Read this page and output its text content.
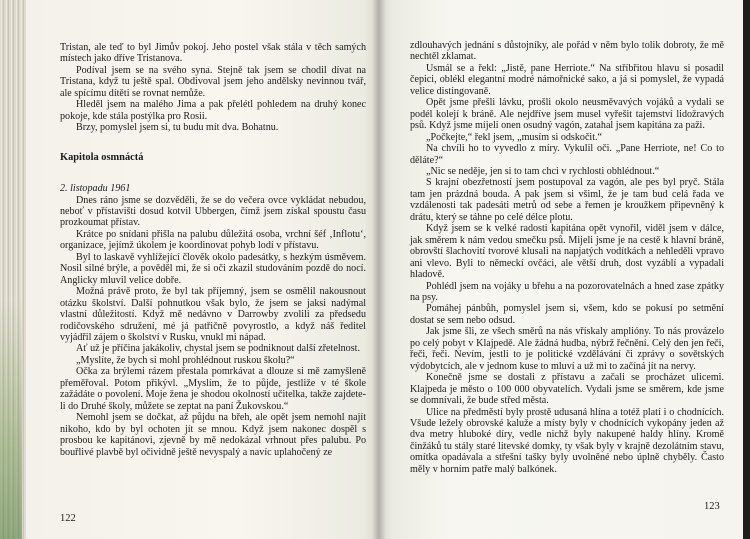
Tristan, ale teď to byl Jimův pokoj. Jeho postel však stála v těch samých místech jako dříve Tristanova.

Podíval jsem se na svého syna. Stejně tak jsem se chodil dívat na Tristana, když tu ještě spal. Obdivoval jsem jeho andělsky nevinnou tvář, ale spícímu dítěti se rovnat nemůže.

Hleděl jsem na malého Jima a pak přelétl pohledem na druhý konec pokoje, kde stála postýlka pro Rosii.

Brzy, pomyslel jsem si, tu budu mít dva. Bohatnu.

Kapitola osmnáctá

2. listopadu 1961

Dnes ráno jsme se dozvěděli, že se do večera ovce vykládat nebudou, neboť v přístavišti dosud kotvil Ubbergen, čímž jsem získal spoustu času prozkoumat přístav.

Krátce po snídani přišla na palubu důležitá osoba, vrchní šéf ‚Inflotu‘, organizace, jejímž úkolem je koordinovat pohyb lodí v přístavu.

Byl to laskavě vyhlížející člověk okolo padesátky, s hezkým úsměvem. Nosil silné brýle, a pověděl mi, že si oči zkazil studováním pozdě do nocí. Anglicky mluvil velice dobře.

Možná právě proto, že byl tak příjemný, jsem se osmělil nakousnout otázku školství. Další pohnutkou však bylo, že jsem se jaksi nadýmal vlastní důležitostí. Když mě nedávno v Darrowby zvolili za předsedu rodičovského sdružení, mé já patřičně povyrostlo, a když náš ředitel vyjádřil zájem o školství v Rusku, vnukl mi nápad.

Ať už je příčina jakákoliv, chystal jsem se podniknout další zřetelnost.

„Myslíte, že bych si mohl prohlédnout ruskou školu?“

Očka za brýlemi rázem přestala pomrkávat a dlouze si mě zamyšleně přeměřoval. Potom přikývl. „Myslím, že to půjde, jestliže v té škole zažádáte o povolení. Moje žena je shodou okolností učitelka, takže zajdete-li do Druhé školy, můžete se zeptat na paní Žukovskou.“

Nemohl jsem se dočkat, až půjdu na břeh, ale opět jsem nemohl najít nikoho, kdo by byl ochoten jít se mnou. Když jsem nakonec dospěl s prosbou ke kapitánovi, zjevně by mě nedokázal vrhnout přes palubu. Po bouřlivé plavbě byl očividně ještě nevyspalý a navíc uplahočený ze

122

zdlouhavých jednání s důstojníky, ale pořád v něm bylo tolik dobroty, že mě nechtěl zklamat.

Usmál se a řekl: „Jistě, pane Herriote.“ Na stříbřitou hlavu si posadil čepici, oblékl elegantní modré námořnické sako, a já si pomyslel, že vypadá velice distingovaně.

Opět jsme přešli lávku, prošli okolo neusměvavých vojáků a vydali se podél kolejí k bráně. Ale nejdříve jsem musel vyřešit tajemství lidožravých psů. Když jsme míjeli onen osudný vagón, zatahal jsem kapitána za paži.

„Počkejte,“ řekl jsem, „musím si odskočit.“

Na chvíli ho to vyvedlo z míry. Vykulil oči. „Pane Herriote, ne! Co to děláte?“

„Nic se neděje, jen si to tam chci v rychlosti obhlédnout.“

S krajní obezřetností jsem postupoval za vagón, ale pes byl pryč. Stála tam jen prázdná bouda. A pak jsem si všiml, že je tam bud celá řada ve vzdálenosti tak padesáti metrů od sebe a řemen je kroužkem připevněný k drátu, který se táhne po celé délce plotu.

Když jsem se k velké radosti kapitána opět vynořil, viděl jsem v dálce, jak směrem k nám vedou smečku psů. Mijeli jsme je na cestě k hlavní bráně, obrovští šlachovití tvorové klusali na napjatých vodítkách a nehleděli vpravo ani vlevo. Byli to německí ovčáci, ale větší druh, dost vyzáblí a vypadali hladově.

Pohlédl jsem na vojáky u břehu a na pozorovatelnách a hned zase zpátky na psy.

Pomáhej pánbůh, pomyslel jsem si, všem, kdo se pokusí po setmění dostat se sem nebo odsud.

Jak jsme šli, ze všech směrů na nás vřískaly amplióny. To nás provázelo po celý pobyt v Klajpedě. Ale žádná hudba, nýbrž řečnění. Celý den jen řeči, řeči, řeči. Nevím, jestli to je politické vzdělávání či zprávy o sovětských výdobytcích, ale v jednom kuse to mluví a už mi to začíná jít na nervy.

Konečně jsme se dostali z přístavu a začali se procházet ulicemi. Klajpeda je město o 100 000 obyvatelích. Vydali jsme se směrem, kde jsme se domnívali, že bude střed města.

Ulice na předměstí byly prostě udusaná hlína a totéž platí i o chodnících. Všude ležely obrovské kaluže a místy byly v chodnících vykopány jeden až dva metry hluboké díry, vedle nichž byly nakupené haldy hlíny. Kromě činžáků tu stály staré litevské domky, ty však byly v krajně dezolátním stavu, omítka opadávala a střešní tašky byly uvolněné nebo úplně chyběly. Často měly v horním patře malý balkónek.

123
